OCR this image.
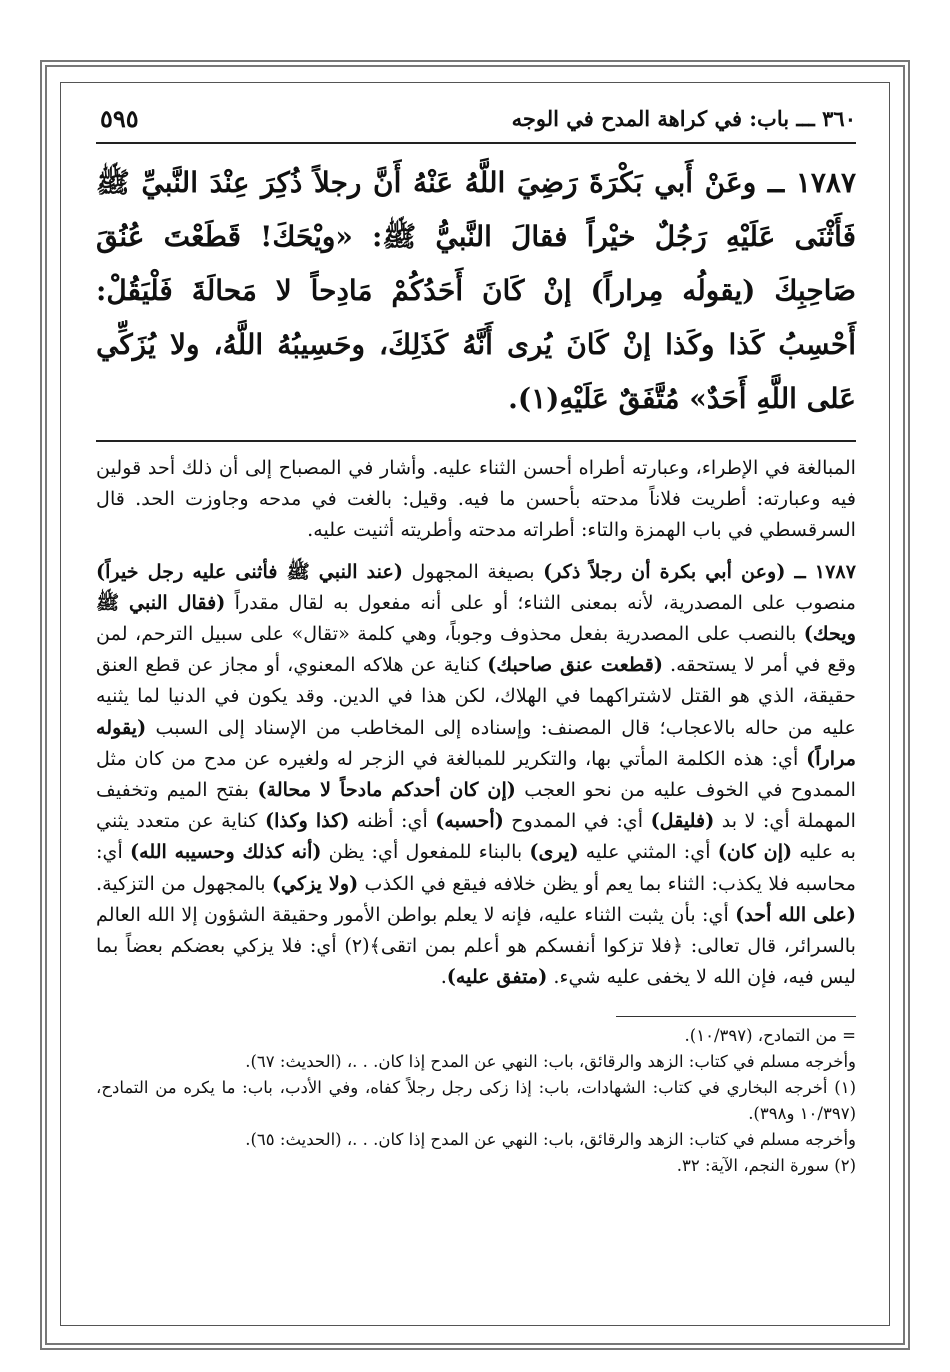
٣٦٠ ـــ باب: في كراهة المدح في الوجه
٥٩٥

١٧٨٧ ــ وعَنْ أَبي بَكْرَةَ رَضِيَ اللَّهُ عَنْهُ أَنَّ رجلاً ذُكِرَ عِنْدَ النَّبيِّ ﷺ فَأَثْنَى عَلَيْهِ رَجُلٌ خيْراً فقالَ النَّبيُّ ﷺ: «ويْحَكَ! قَطَعْتَ عُنُقَ صَاحِبِكَ (يقولُه مِراراً) إنْ كَانَ أَحَدُكُمْ مَادِحاً لا مَحالَةَ فَلْيَقُلْ: أَحْسِبُ كَذا وكَذا إنْ كَانَ يُرى أَنَّهُ كَذَلِكَ، وحَسِيبُهُ اللَّهُ، ولا يُزَكِّي عَلى اللَّهِ أَحَدٌ» مُتَّفَقٌ عَلَيْهِ(١).

المبالغة في الإطراء، وعبارته أطراه أحسن الثناء عليه. وأشار في المصباح إلى أن ذلك أحد قولين فيه وعبارته: أطريت فلاناً مدحته بأحسن ما فيه. وقيل: بالغت في مدحه وجاوزت الحد. قال السرقسطي في باب الهمزة والتاء: أطراته مدحته وأطريته أثنيت عليه.

١٧٨٧ ــ (وعن أبي بكرة أن رجلاً ذكر) بصيغة المجهول (عند النبي ﷺ فأثنى عليه رجل خيراً) منصوب على المصدرية، لأنه بمعنى الثناء؛ أو على أنه مفعول به لقال مقدراً (فقال النبي ﷺ ويحك) بالنصب على المصدرية بفعل محذوف وجوباً، وهي كلمة «تقال» على سبيل الترحم، لمن وقع في أمر لا يستحقه. (قطعت عنق صاحبك) كناية عن هلاكه المعنوي، أو مجاز عن قطع العنق حقيقة، الذي هو القتل لاشتراكهما في الهلاك، لكن هذا في الدين. وقد يكون في الدنيا لما يثنيه عليه من حاله بالاعجاب؛ قال المصنف: وإسناده إلى المخاطب من الإسناد إلى السبب (يقوله مراراً) أي: هذه الكلمة المأتي بها، والتكرير للمبالغة في الزجر له ولغيره عن مدح من كان مثل الممدوح في الخوف عليه من نحو العجب (إن كان أحدكم مادحاً لا محالة) بفتح الميم وتخفيف المهملة أي: لا بد (فليقل) أي: في الممدوح (أحسبه) أي: أظنه (كذا وكذا) كناية عن متعدد يثني به عليه (إن كان) أي: المثني عليه (يرى) بالبناء للمفعول أي: يظن (أنه كذلك وحسيبه الله) أي: محاسبه فلا يكذب: الثناء بما يعم أو يظن خلافه فيقع في الكذب (ولا يزكي) بالمجهول من التزكية. (على الله أحد) أي: بأن يثبت الثناء عليه، فإنه لا يعلم بواطن الأمور وحقيقة الشؤون إلا الله العالم بالسرائر، قال تعالى: ﴿فلا تزكوا أنفسكم هو أعلم بمن اتقى﴾(٢) أي: فلا يزكي بعضكم بعضاً بما ليس فيه، فإن الله لا يخفى عليه شيء. (متفق عليه).

= من التمادح، (١٠/٣٩٧).

وأخرجه مسلم في كتاب: الزهد والرقائق، باب: النهي عن المدح إذا كان. . .، (الحديث: ٦٧).

(١) أخرجه البخاري في كتاب: الشهادات، باب: إذا زكى رجل رجلاً كفاه، وفي الأدب، باب: ما يكره من التمادح، (١٠/٣٩٧ و٣٩٨).

وأخرجه مسلم في كتاب: الزهد والرقائق، باب: النهي عن المدح إذا كان. . .، (الحديث: ٦٥).

(٢) سورة النجم، الآية: ٣٢.
